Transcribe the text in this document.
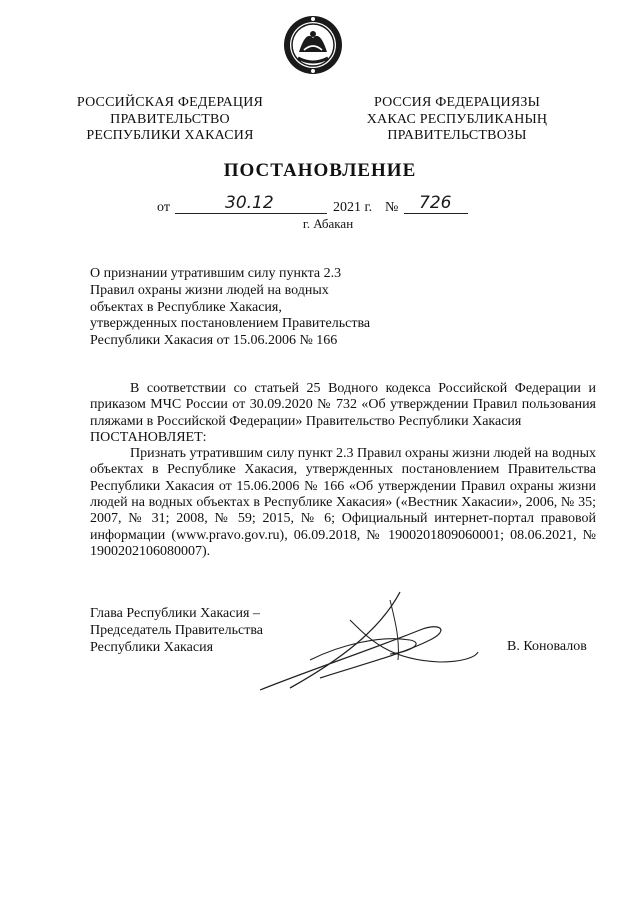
РОССИЙСКАЯ ФЕДЕРАЦИЯ
ПРАВИТЕЛЬСТВО
РЕСПУБЛИКИ ХАКАСИЯ
РОССИЯ ФЕДЕРАЦИЯЗЫ
ХАКАС РЕСПУБЛИКАНЫҢ
ПРАВИТЕЛЬСТВОЗЫ
ПОСТАНОВЛЕНИЕ
от	30.12	2021 г. № 726
г. Абакан
О признании утратившим силу пункта 2.3
Правил охраны жизни людей на водных
объектах в Республике Хакасия,
утвержденных постановлением Правительства
Республики Хакасия от 15.06.2006 № 166

В соответствии со статьей 25 Водного кодекса Российской Федерации и приказом МЧС России от 30.09.2020 № 732 «Об утверждении Правил пользования пляжами в Российской Федерации» Правительство Республики Хакасия

ПОСТАНОВЛЯЕТ:

Признать утратившим силу пункт 2.3 Правил охраны жизни людей на водных объектах в Республике Хакасия, утвержденных постановлением Правительства Республики Хакасия от 15.06.2006 № 166 «Об утверждении Правил охраны жизни людей на водных объектах в Республике Хакасия» («Вестник Хакасии», 2006, № 35; 2007, № 31; 2008, № 59; 2015, № 6; Официальный интернет-портал правовой информации (www.pravo.gov.ru), 06.09.2018, № 1900201809060001; 08.06.2021, № 1900202106080007).

Глава Республики Хакасия –
Председатель Правительства
Республики Хакасия	В. Коновалов
